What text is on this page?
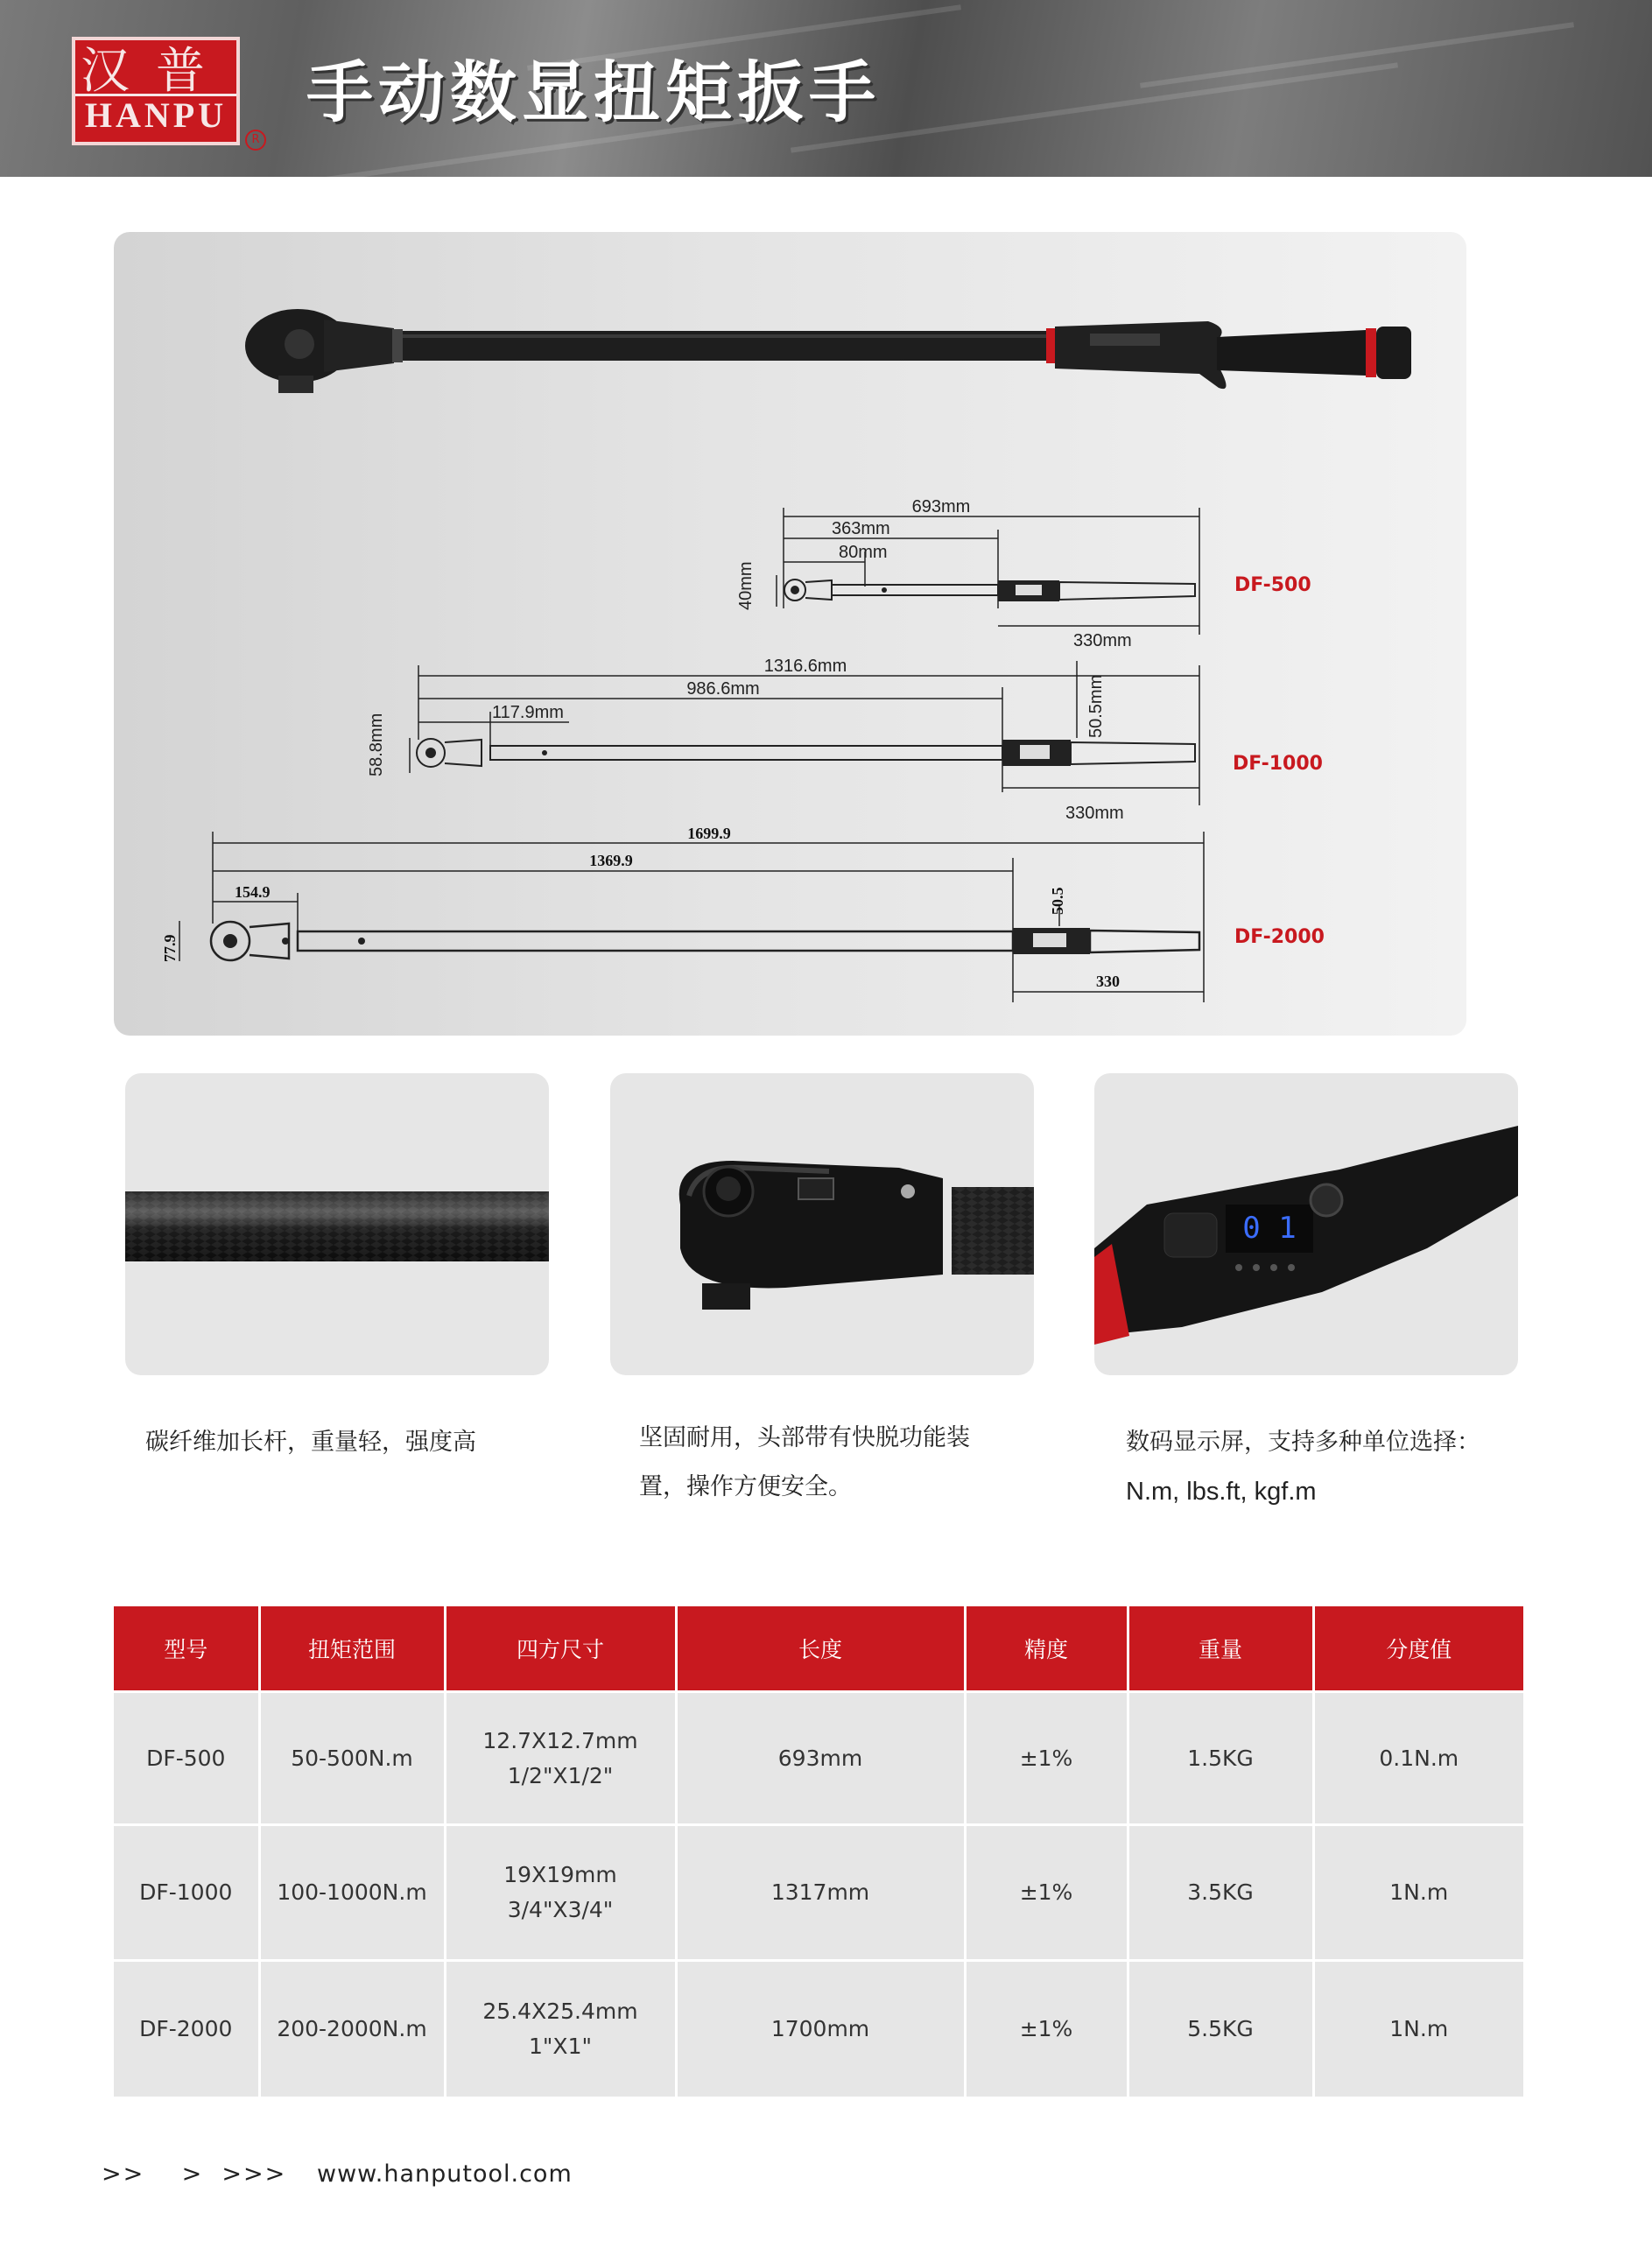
汉普
HANPU
R
手动数显扭矩扳手
693mm
363mm
80mm
40mm
330mm
DF-500
1316.6mm
986.6mm
117.9mm
58.8mm
50.5mm
330mm
DF-1000
1699.9
1369.9
154.9
77.9
50.5
330
DF-2000
0 1
碳纤维加长杆，重量轻，强度高	坚固耐用，头部带有快脱功能装
置，操作方便安全。
数码显示屏，支持多种单位选择：
N.m, lbs.ft, kgf.m
型号	扭矩范围	四方尺寸	长度	精度	重量	分度值
DF-500	50-500N.m	12.7X12.7mm
1/2"X1/2"	693mm	±1%	1.5KG	0.1N.m
DF-1000	100-1000N.m	19X19mm
3/4"X3/4"	1317mm	±1%	3.5KG	1N.m
DF-2000	200-2000N.m	25.4X25.4mm
1"X1"	1700mm	±1%	5.5KG	1N.m
>>    >  >>> www.hanputool.com
